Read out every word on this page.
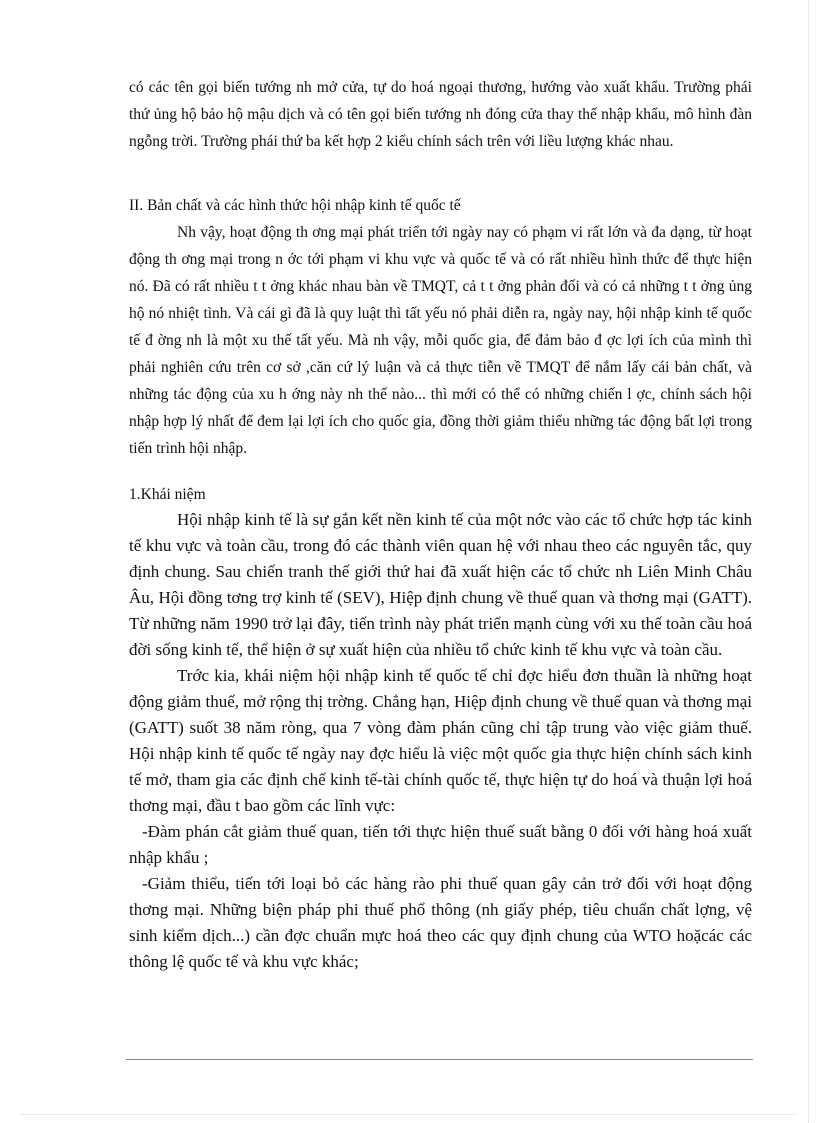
có các tên gọi biến tướng nh mở cửa, tự do hoá ngoại thương, hướng vào xuất khẩu. Trường phái thứ ủng hộ bảo hộ mậu dịch và có tên gọi biến tướng nh đóng cửa thay thế nhập khẩu, mô hình đàn ngỗng trời. Trường phái thứ ba kết hợp 2 kiểu chính sách trên với liều lượng khác nhau.

II. Bản chất và các hình thức hội nhập kinh tế quốc tế

Nh vậy, hoạt động th ơng mại phát triển tới ngày nay có phạm vi rất lớn và đa dạng, từ hoạt động th ơng mại trong n ớc tới phạm vi khu vực và quốc tế và có rất nhiều hình thức để thực hiện nó. Đã có rất nhiều t t ởng khác nhau bàn về TMQT, cả t t ởng phản đối và có cả những t t ởng ủng hộ nó nhiệt tình. Và cái gì đã là quy luật thì tất yếu nó phải diễn ra, ngày nay, hội nhập kinh tế quốc tế đ ờng nh là một xu thế tất yếu. Mà nh vậy, mỗi quốc gia, để đảm bảo đ ợc lợi ích của mình thì phải nghiên cứu trên cơ sở ,căn cứ lý luận và cả thực tiễn về TMQT để nắm lấy cái bản chất, và những tác động của xu h ớng này nh thế nào... thì mới có thể có những chiến l ợc, chính sách hội nhập hợp lý nhất để đem lại lợi ích cho quốc gia, đồng thời giảm thiểu những tác động bất lợi trong tiến trình hội nhập.

1.Khái niệm

Hội nhập kinh tế là sự gắn kết nền kinh tế của một nớc vào các tổ chức hợp tác kinh tế khu vực và toàn cầu, trong đó các thành viên quan hệ với nhau theo các nguyên tắc, quy định chung. Sau chiến tranh thế giới thứ hai đã xuất hiện các tổ chức nh Liên Minh Châu Âu, Hội đồng tơng trợ kinh tế (SEV), Hiệp định chung về thuế quan và thơng mại (GATT). Từ những năm 1990 trở lại đây, tiến trình này phát triển mạnh cùng với xu thế toàn cầu hoá đời sống kinh tế, thể hiện ở sự xuất hiện của nhiều tổ chức kinh tế khu vực và toàn cầu.

Trớc kia, khái niệm hội nhập kinh tế quốc tế chỉ đợc hiểu đơn thuần là những hoạt động giảm thuế, mở rộng thị trờng. Chẳng hạn, Hiệp định chung về thuế quan và thơng mại (GATT) suốt 38 năm ròng, qua 7 vòng đàm phán cũng chỉ tập trung vào việc giảm thuế. Hội nhập kinh tế quốc tế ngày nay đợc hiểu là việc một quốc gia thực hiện chính sách kinh tế mở, tham gia các định chế kinh tế-tài chính quốc tế, thực hiện tự do hoá và thuận lợi hoá thơng mại, đầu t bao gồm các lĩnh vực:

-Đàm phán cắt giảm thuế quan, tiến tới thực hiện thuế suất bằng 0 đối với hàng hoá xuất nhập khẩu ;

-Giảm thiểu, tiến tới loại bỏ các hàng rào phi thuế quan gây cản trở đối với hoạt động thơng mại. Những biện pháp phi thuế phổ thông (nh giấy phép, tiêu chuẩn chất lợng, vệ sinh kiểm dịch...) cần đợc chuẩn mực hoá theo các quy định chung của WTO hoặcác các thông lệ quốc tế và khu vực khác;
